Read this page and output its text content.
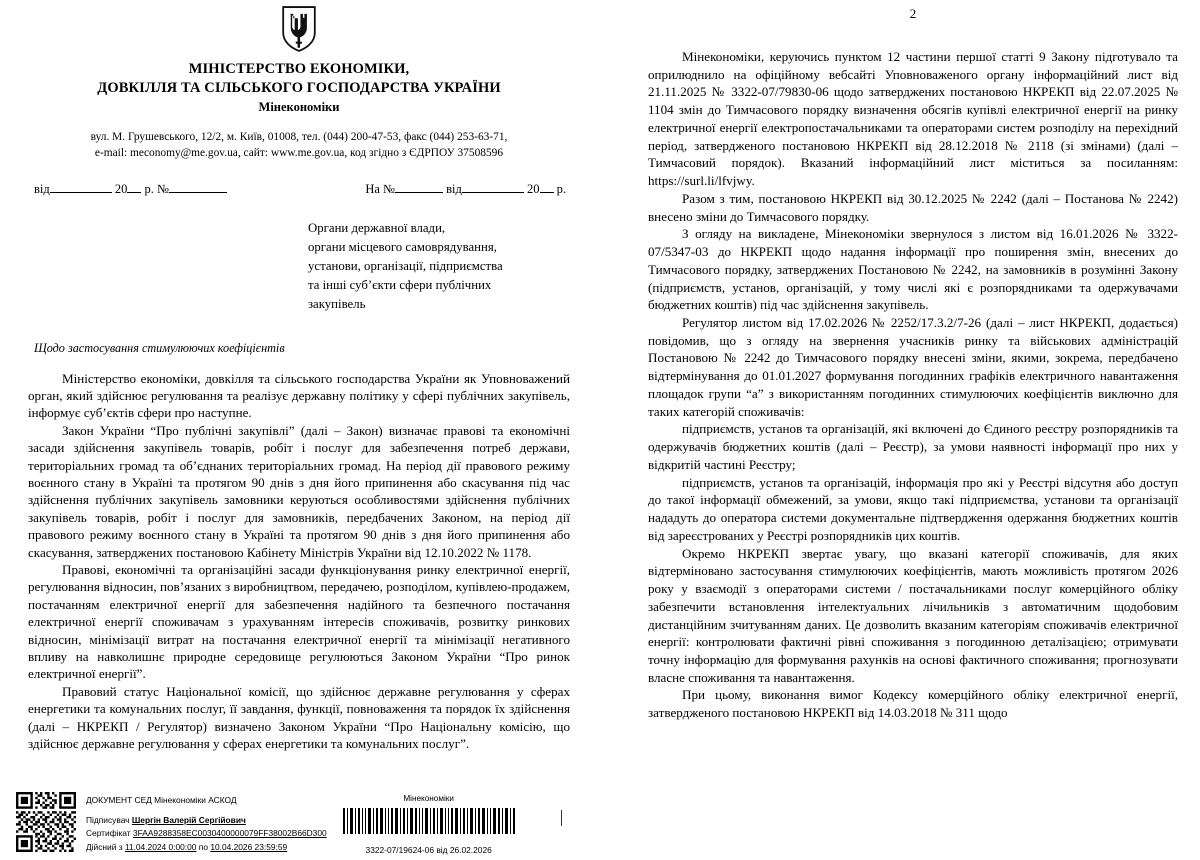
МІНІСТЕРСТВО ЕКОНОМІКИ,
ДОВКІЛЛЯ ТА СІЛЬСЬКОГО ГОСПОДАРСТВА УКРАЇНИ
Мінекономіки
вул. М. Грушевського, 12/2, м. Київ, 01008, тел. (044) 200-47-53, факс (044) 253-63-71,
e-mail: meconomy@me.gov.ua, сайт: www.me.gov.ua, код згідно з ЄДРПОУ 37508596
від	20 р. №	На №	від	20 р.
Органи державної влади,
органи місцевого самоврядування,
установи, організації, підприємства
та інші суб’єкти сфери публічних
закупівель
Щодо застосування стимулюючих коефіцієнтів

Міністерство економіки, довкілля та сільського господарства України як Уповноважений орган, який здійснює регулювання та реалізує державну політику у сфері публічних закупівель, інформує суб’єктів сфери про наступне.

Закон України “Про публічні закупівлі” (далі – Закон) визначає правові та економічні засади здійснення закупівель товарів, робіт і послуг для забезпечення потреб держави, територіальних громад та об’єднаних територіальних громад. На період дії правового режиму воєнного стану в Україні та протягом 90 днів з дня його припинення або скасування під час здійснення публічних закупівель замовники керуються особливостями здійснення публічних закупівель товарів, робіт і послуг для замовників, передбачених Законом, на період дії правового режиму воєнного стану в Україні та протягом 90 днів з дня його припинення або скасування, затверджених постановою Кабінету Міністрів України від 12.10.2022 № 1178.

Правові, економічні та організаційні засади функціонування ринку електричної енергії, регулювання відносин, пов’язаних з виробництвом, передачею, розподілом, купівлею-продажем, постачанням електричної енергії для забезпечення надійного та безпечного постачання електричної енергії споживачам з урахуванням інтересів споживачів, розвитку ринкових відносин, мінімізації витрат на постачання електричної енергії та мінімізації негативного впливу на навколишнє природне середовище регулюються Законом України “Про ринок електричної енергії”.

Правовий статус Національної комісії, що здійснює державне регулювання у сферах енергетики та комунальних послуг, її завдання, функції, повноваження та порядок їх здійснення (далі – НКРЕКП / Регулятор) визначено Законом України “Про Національну комісію, що здійснює державне регулювання у сферах енергетики та комунальних послуг”.

ДОКУМЕНТ СЕД Мінекономіки АСКОД
Підписувач Шергін Валерій Сергійович
Сертифікат 3FAA9288358EC0030400000079FF38002B66D300
Дійсний з 11.04.2024 0:00:00 по 10.04.2026 23:59:59
Мінекономіки
3322-07/19624-06 від 26.02.2026
2

Мінекономіки, керуючись пунктом 12 частини першої статті 9 Закону підготувало та оприлюднило на офіційному вебсайті Уповноваженого органу інформаційний лист від 21.11.2025 № 3322-07/79830-06 щодо затверджених постановою НКРЕКП від 22.07.2025 № 1104 змін до Тимчасового порядку визначення обсягів купівлі електричної енергії на ринку електричної енергії електропостачальниками та операторами систем розподілу на перехідний період, затвердженого постановою НКРЕКП від 28.12.2018 № 2118 (зі змінами) (далі – Тимчасовий порядок). Вказаний інформаційний лист міститься за посиланням: https://surl.li/lfvjwy.

Разом з тим, постановою НКРЕКП від 30.12.2025 № 2242 (далі – Постанова № 2242) внесено зміни до Тимчасового порядку.

З огляду на викладене, Мінекономіки звернулося з листом від 16.01.2026 № 3322-07/5347-03 до НКРЕКП щодо надання інформації про поширення змін, внесених до Тимчасового порядку, затверджених Постановою № 2242, на замовників в розумінні Закону (підприємств, установ, організацій, у тому числі які є розпорядниками та одержувачами бюджетних коштів) під час здійснення закупівель.

Регулятор листом від 17.02.2026 № 2252/17.3.2/7-26 (далі – лист НКРЕКП, додається) повідомив, що з огляду на звернення учасників ринку та військових адміністрацій Постановою № 2242 до Тимчасового порядку внесені зміни, якими, зокрема, передбачено відтермінування до 01.01.2027 формування погодинних графіків електричного навантаження площадок групи “а” з використанням погодинних стимулюючих коефіцієнтів виключно для таких категорій споживачів:

підприємств, установ та організацій, які включені до Єдиного реєстру розпорядників та одержувачів бюджетних коштів (далі – Реєстр), за умови наявності інформації про них у відкритій частині Реєстру;

підприємств, установ та організацій, інформація про які у Реєстрі відсутня або доступ до такої інформації обмежений, за умови, якщо такі підприємства, установи та організації нададуть до оператора системи документальне підтвердження одержання бюджетних коштів від зареєстрованих у Реєстрі розпорядників цих коштів.

Окремо НКРЕКП звертає увагу, що вказані категорії споживачів, для яких відтерміновано застосування стимулюючих коефіцієнтів, мають можливість протягом 2026 року у взаємодії з операторами системи / постачальниками послуг комерційного обліку забезпечити встановлення інтелектуальних лічильників з автоматичним щодобовим дистанційним зчитуванням даних. Це дозволить вказаним категоріям споживачів електричної енергії: контролювати фактичні рівні споживання з погодинною деталізацією; отримувати точну інформацію для формування рахунків на основі фактичного споживання; прогнозувати власне споживання та навантаження.

При цьому, виконання вимог Кодексу комерційного обліку електричної енергії, затвердженого постановою НКРЕКП від 14.03.2018 № 311 щодо
